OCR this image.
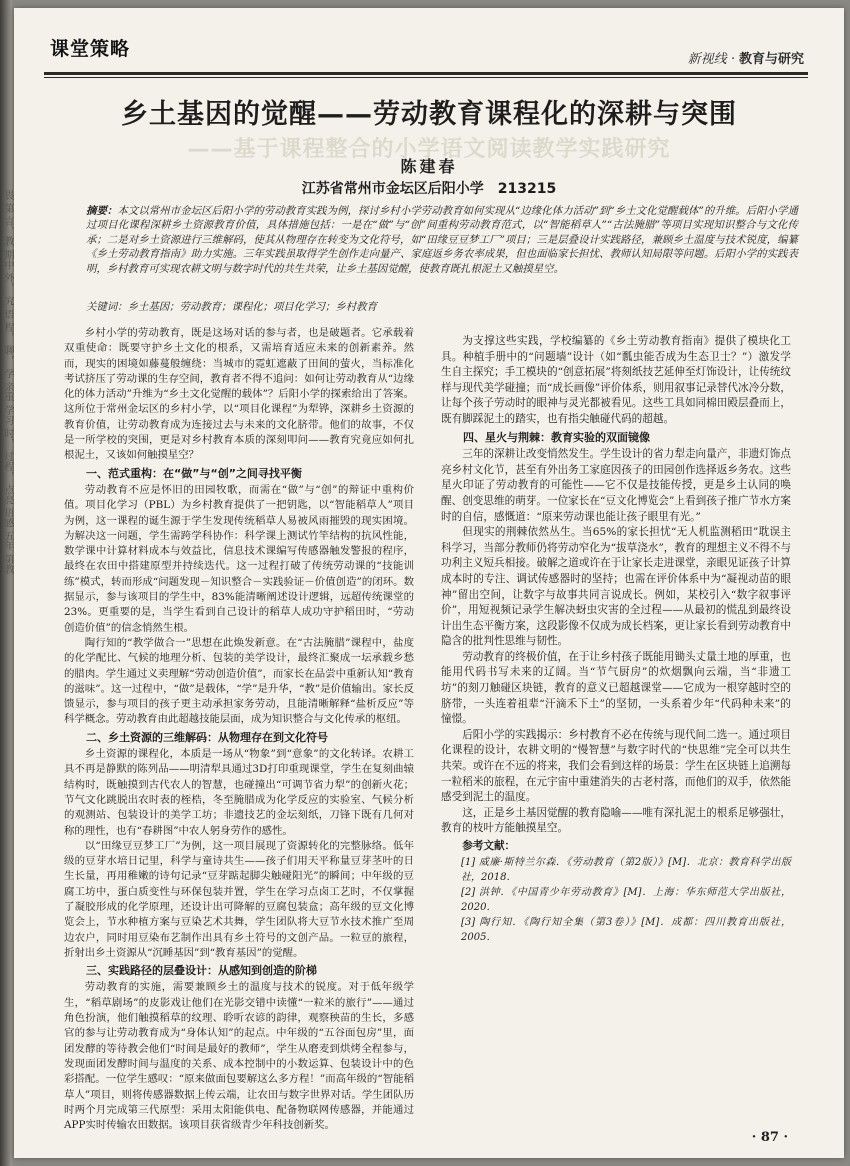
畏 第 言、教 期中 外， 究 语 程， 聊， 学 亲重 学习 时， 过程， 点亮 语感 五年 第教
课堂策略	新视线 · 教育与研究
乡土基因的觉醒——劳动教育课程化的深耕与突围
——基于课程整合的小学语文阅读教学实践研究
陈建春
江苏省常州市金坛区后阳小学　213215
摘要：本文以常州市金坛区后阳小学的劳动教育实践为例，探讨乡村小学劳动教育如何实现从“边缘化体力活动”到“乡土文化觉醒载体”的升维。后阳小学通过项目化课程深耕乡土资源教育价值，具体措施包括：一是在“做”与“创”间重构劳动教育范式，以“智能稻草人”“古法腌腊”等项目实现知识整合与文化传承；二是对乡土资源进行三维解码，使其从物理存在转变为文化符号，如“田缘豆豆梦工厂”项目；三是层叠设计实践路径，兼顾乡土温度与技术锐度，编纂《乡土劳动教育指南》助力实施。三年实践虽取得学生创作走向量产、家庭返乡务农率成果，但也面临家长担忧、教师认知局限等问题。后阳小学的实践表明，乡村教育可实现农耕文明与数字时代的共生共荣，让乡土基因觉醒，使教育既扎根泥土又触摸星空。
关键词：乡土基因；劳动教育；课程化；项目化学习；乡村教育

乡村小学的劳动教育，既是这场对话的参与者，也是破题者。它承载着双重使命：既要守护乡土文化的根系，又需培育适应未来的创新素养。然而，现实的困境如藤蔓般缠绕：当城市的霓虹遮蔽了田间的萤火，当标准化考试挤压了劳动课的生存空间，教育者不得不追问：如何让劳动教育从“边缘化的体力活动”升维为“乡土文化觉醒的载体”？后阳小学的探索给出了答案。这所位于常州金坛区的乡村小学，以“项目化课程”为犁铧，深耕乡土资源的教育价值，让劳动教育成为连接过去与未来的文化脐带。他们的故事，不仅是一所学校的突围，更是对乡村教育本质的深刻叩问——教育究竟应如何扎根泥土，又该如何触摸星空？

一、范式重构：在“做”与“创”之间寻找平衡

劳动教育不应是怀旧的田园牧歌，而需在“做”与“创”的辩证中重构价值。项目化学习（PBL）为乡村教育提供了一把钥匙，以“智能稻草人”项目为例，这一课程的诞生源于学生发现传统稻草人易被风雨摧毁的现实困境。为解决这一问题，学生需跨学科协作：科学课上测试竹竿结构的抗风性能，数学课中计算材料成本与效益比，信息技术课编写传感器触发警报的程序，最终在农田中搭建原型并持续迭代。这一过程打破了传统劳动课的“技能训练”模式，转而形成“问题发现－知识整合－实践验证－价值创造”的闭环。数据显示，参与该项目的学生中，83%能清晰阐述设计逻辑，远超传统课堂的23%。更重要的是，当学生看到自己设计的稻草人成功守护稻田时，“劳动创造价值”的信念悄然生根。

陶行知的“教学做合一”思想在此焕发新意。在“古法腌腊”课程中，盐度的化学配比、气候的地理分析、包装的美学设计，最终汇聚成一坛承载乡愁的腊肉。学生通过义卖理解“劳动创造价值”，而家长在品尝中重新认知“教育的滋味”。这一过程中，“做”是载体，“学”是升华，“教”是价值输出。家长反馈显示，参与项目的孩子更主动承担家务劳动，且能清晰解释“盐析反应”等科学概念。劳动教育由此超越技能层面，成为知识整合与文化传承的枢纽。

二、乡土资源的三维解码：从物理存在到文化符号

乡土资源的课程化，本质是一场从“物象”到“意象”的文化转译。农耕工具不再是静默的陈列品——明清犁具通过3D打印重现课堂，学生在复刻曲辕结构时，既触摸到古代农人的智慧，也碰撞出“可调节省力犁”的创新火花；节气文化跳脱出农时表的桎梏，冬至腌腊成为化学反应的实验室、气候分析的观测站、包装设计的美学工坊；非遗技艺的金坛刻纸，刀锋下既有几何对称的理性，也有“春耕图”中农人躬身劳作的感性。

以“田缘豆豆梦工厂”为例，这一项目展现了资源转化的完整脉络。低年级的豆芽水培日记里，科学与童诗共生——孩子们用天平称量豆芽茎叶的日生长量，再用稚嫩的诗句记录“豆芽踮起脚尖触碰阳光”的瞬间；中年级的豆腐工坊中，蛋白质变性与环保包装并置，学生在学习点卤工艺时，不仅掌握了凝胶形成的化学原理，还设计出可降解的豆腐包装盒；高年级的豆文化博览会上，节水种植方案与豆染艺术共舞，学生团队将大豆节水技术推广至周边农户，同时用豆染布艺制作出具有乡土符号的文创产品。一粒豆的旅程，折射出乡土资源从“沉睡基因”到“教育基因”的觉醒。

三、实践路径的层叠设计：从感知到创造的阶梯

劳动教育的实施，需要兼顾乡土的温度与技术的锐度。对于低年级学生，“稻草剧场”的皮影戏让他们在光影交错中读懂“一粒米的旅行”——通过角色扮演，他们触摸稻草的纹理、聆听农谚的韵律，观察秧苗的生长，多感官的参与让劳动教育成为“身体认知”的起点。中年级的“五谷面包房”里，面团发酵的等待教会他们“时间是最好的教师”，学生从磨麦到烘烤全程参与，发现面团发酵时间与温度的关系、成本控制中的小数运算、包装设计中的色彩搭配。一位学生感叹：“原来做面包要解这么多方程！”而高年级的“智能稻草人”项目，则将传感器数据上传云端，让农田与数字世界对话。学生团队历时两个月完成第三代原型：采用太阳能供电、配备物联网传感器，并能通过APP实时传输农田数据。该项目获省级青少年科技创新奖。

为支撑这些实践，学校编纂的《乡土劳动教育指南》提供了模块化工具。种植手册中的“问题墙”设计（如“瓢虫能否成为生态卫士？”）激发学生自主探究；手工模块的“创意拓展”将刻纸技艺延伸至灯饰设计，让传统纹样与现代美学碰撞；而“成长画像”评价体系，则用叙事记录替代冰冷分数，让每个孩子劳动时的眼神与灵光都被看见。这些工具如同棉田殿层叠而上，既有脚踩泥土的踏实，也有指尖触碰代码的超越。

四、星火与荆棘：教育实验的双面镜像

三年的深耕让改变悄然发生。学生设计的省力犁走向量产，非遗灯饰点亮乡村文化节，甚至有外出务工家庭因孩子的田园创作选择返乡务农。这些星火印证了劳动教育的可能性——它不仅是技能传授，更是乡土认同的唤醒、创变思维的萌芽。一位家长在“豆文化博览会”上看到孩子推广节水方案时的自信，感慨道：“原来劳动课也能让孩子眼里有光。”

但现实的荆棘依然丛生。当65%的家长担忧“无人机监测稻田”耽误主科学习，当部分教师仍将劳动窄化为“拔草浇水”，教育的理想主义不得不与功利主义短兵相接。破解之道或许在于让家长走进课堂，亲眼见证孩子计算成本时的专注、调试传感器时的坚持；也需在评价体系中为“凝视动苗的眼神”留出空间，让数字与故事共同言说成长。例如，某校引入“数字叙事评价”，用短视频记录学生解决蚜虫灾害的全过程——从最初的慌乱到最终设计出生态平衡方案，这段影像不仅成为成长档案，更让家长看到劳动教育中隐含的批判性思维与韧性。

劳动教育的终极价值，在于让乡村孩子既能用锄头丈量土地的厚重，也能用代码书写未来的辽阔。当“节气厨房”的炊烟飘向云端，当“非遗工坊”的刻刀触碰区块链，教育的意义已超越课堂——它成为一根穿越时空的脐带，一头连着祖辈“汗滴禾下土”的坚韧，一头系着少年“代码种未来”的憧憬。

后阳小学的实践揭示：乡村教育不必在传统与现代间二选一。通过项目化课程的设计，农耕文明的“慢智慧”与数字时代的“快思维”完全可以共生共荣。或许在不远的将来，我们会看到这样的场景：学生在区块链上追溯每一粒稻米的旅程，在元宇宙中重建消失的古老村落，而他们的双手，依然能感受到泥土的温度。

这，正是乡土基因觉醒的教育隐喻——唯有深扎泥土的根系足够强壮，教育的枝叶方能触摸星空。

参考文献：
[1] 威廉·斯特兰尔森．《劳动教育（第2版）》[M]．北京：教育科学出版社，2018．
[2] 洪钟．《中国青少年劳动教育》[M]．上海：华东师范大学出版社，2020．
[3] 陶行知．《陶行知全集（第3卷）》[M]．成都：四川教育出版社，2005．
· 87 ·
